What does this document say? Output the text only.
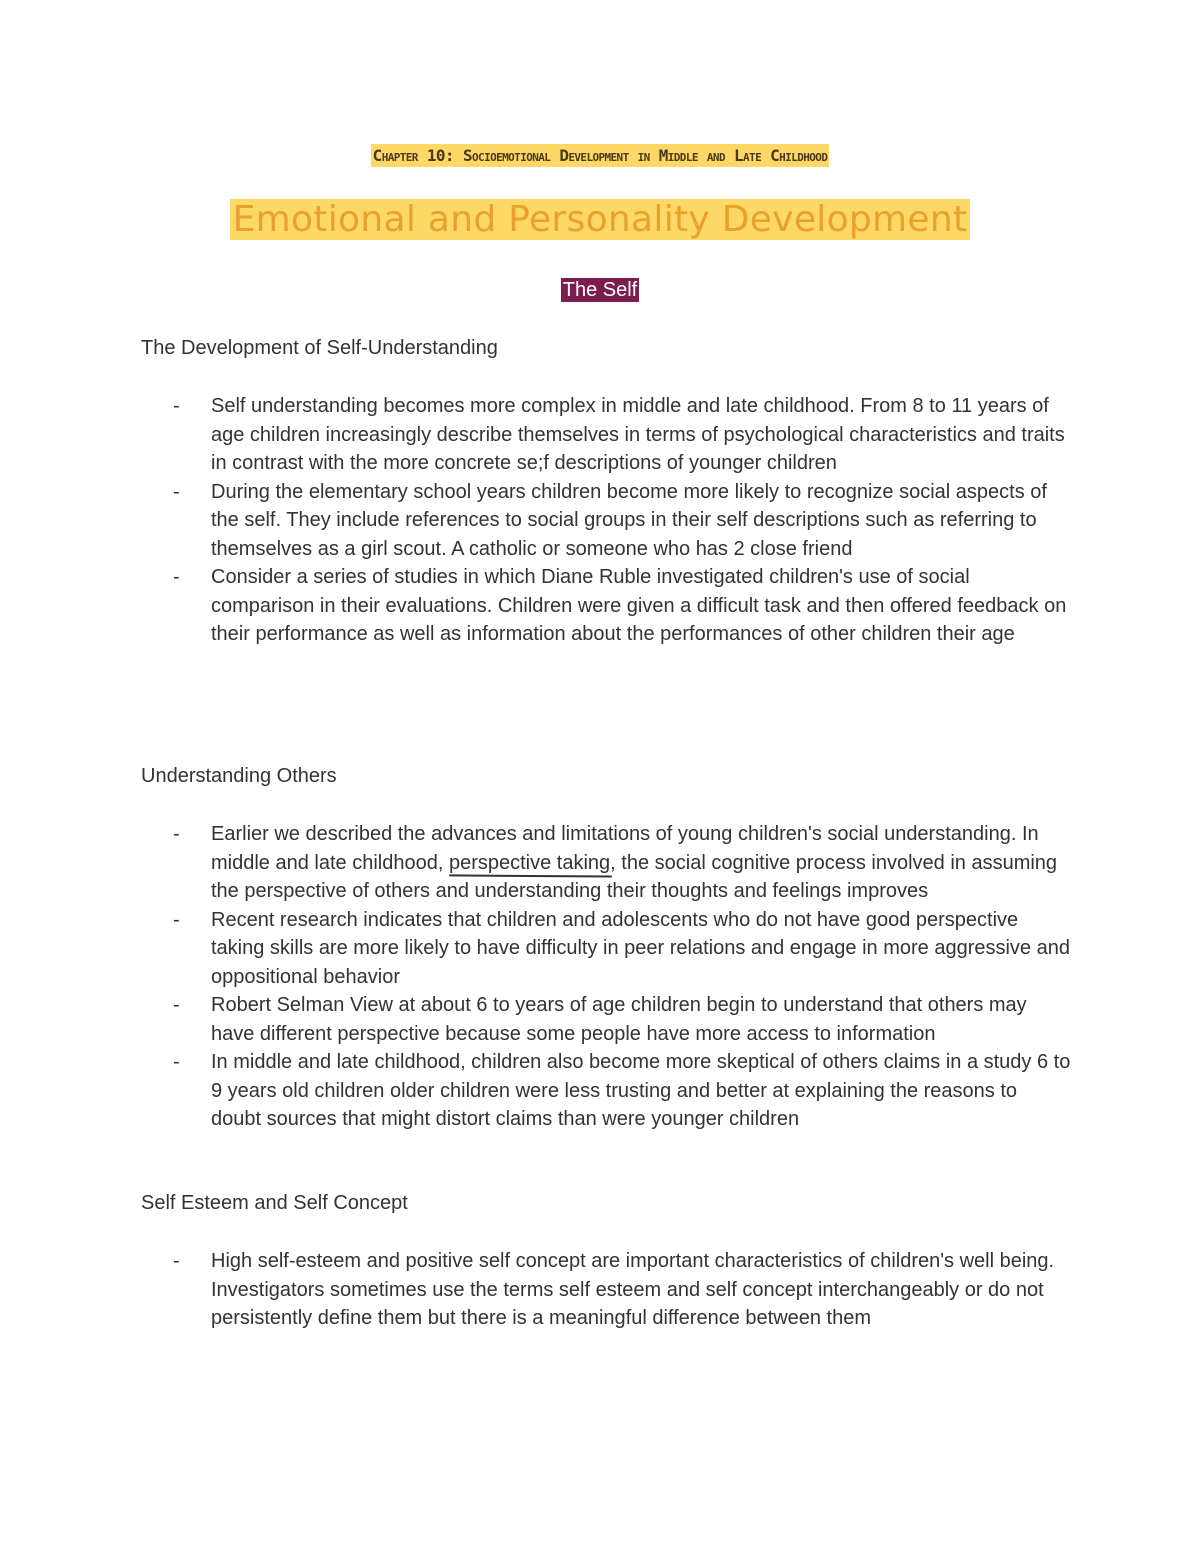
Chapter 10: Socioemotional Development in Middle and Late Childhood
Emotional and Personality Development
The Self
The Development of Self-Understanding
- Self understanding becomes more complex in middle and late childhood. From 8 to 11 years of age children increasingly describe themselves in terms of psychological characteristics and traits in contrast with the more concrete se;f descriptions of younger children
- During the elementary school years children become more likely to recognize social aspects of the self. They include references to social groups in their self descriptions such as referring to themselves as a girl scout. A catholic or someone who has 2 close friend
- Consider a series of studies in which Diane Ruble investigated children's use of social comparison in their evaluations. Children were given a difficult task and then offered feedback on their performance as well as information about the performances of other children their age
Understanding Others
- Earlier we described the advances and limitations of young children's social understanding. In middle and late childhood, perspective taking, the social cognitive process involved in assuming the perspective of others and understanding their thoughts and feelings improves
- Recent research indicates that children and adolescents who do not have good perspective taking skills are more likely to have difficulty in peer relations and engage in more aggressive and oppositional behavior
- Robert Selman View at about 6 to years of age children begin to understand that others may have different perspective because some people have more access to information
- In middle and late childhood, children also become more skeptical of others claims in a study 6 to 9 years old children older children were less trusting and better at explaining the reasons to doubt sources that might distort claims than were younger children
Self Esteem and Self Concept
- High self-esteem and positive self concept are important characteristics of children's well being. Investigators sometimes use the terms self esteem and self concept interchangeably or do not persistently define them but there is a meaningful difference between them
